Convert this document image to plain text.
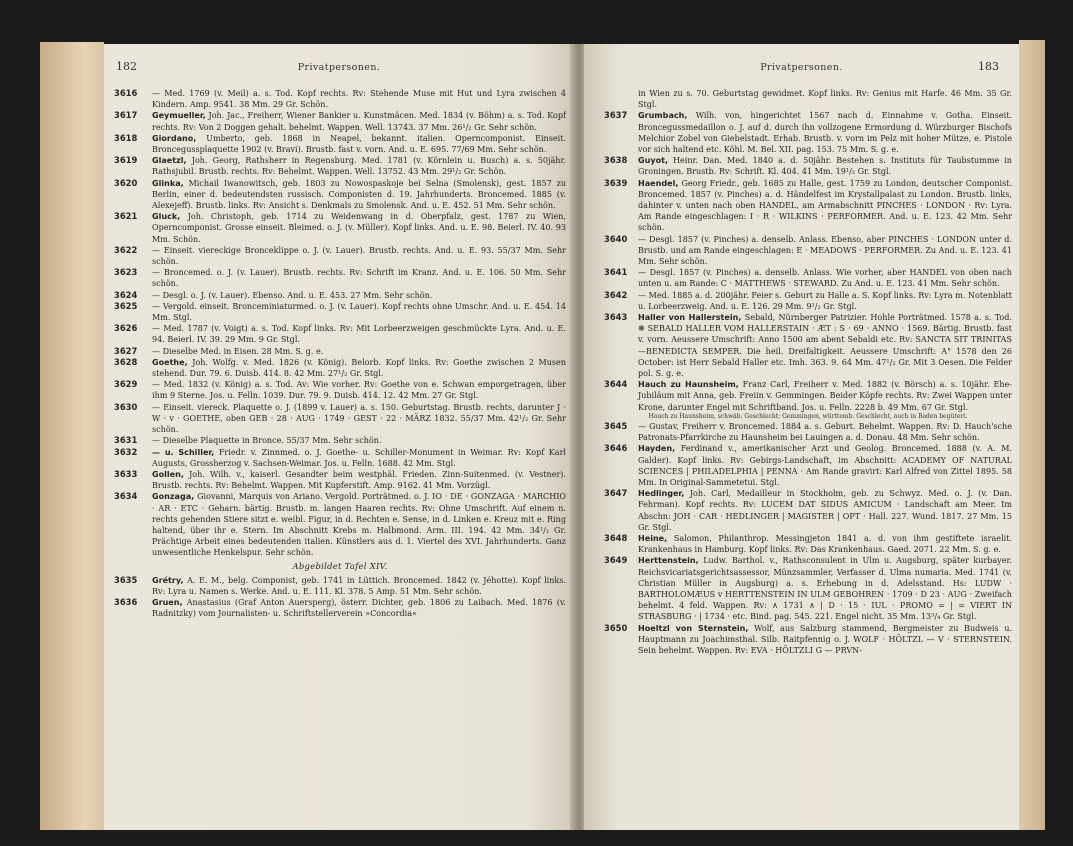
182	Privatpersonen.
3616 — Med. 1769 (v. Meil) a. s. Tod. Kopf rechts. Rv: Stehende Muse mit Hut und Lyra zwischen 4 Kindern. Amp. 9541. 38 Mm. 29 Gr. Schön.
3617 Geymueller, Joh. Jac., Freiherr, Wiener Bankier u. Kunstmäcen. Med. 1834 (v. Böhm) a. s. Tod. Kopf rechts. Rv: Von 2 Doggen gehalt. behelmt. Wappen. Well. 13743. 37 Mm. 26¹/₂ Gr. Sehr schön.
3618 Giordano, Umberto, geb. 1868 in Neapel, bekannt. italien. Operncomponist. Einseit. Broncegussplaquette 1902 (v. Bravi). Brustb. fast v. vorn. And. u. E. 695. 77/69 Mm. Sehr schön.
3619 Glaetzl, Joh. Georg, Rathsherr in Regensburg. Med. 1781 (v. Körnlein u. Busch) a. s. 50jähr. Rathsjubil. Brustb. rechts. Rv: Behelmt. Wappen. Well. 13752. 43 Mm. 29¹/₂ Gr. Schön.
3620 Glinka, Michail Iwanowitsch, geb. 1803 zu Nowospaskoje bei Selna (Smolensk), gest. 1857 zu Berlin, einer d. bedeutendsten russisch. Componisten d. 19. Jahrhunderts. Broncemed. 1885 (v. Alexejeff). Brustb. links. Rv: Ansicht s. Denkmals zu Smolensk. And. u. E. 452. 51 Mm. Sehr schön.
3621 Gluck, Joh. Christoph, geb. 1714 zu Weidenwang in d. Oberpfalz, gest. 1787 zu Wien, Operncomponist. Grosse einseit. Bleimed. o. J. (v. Müller). Kopf links. And. u. E. 98. Beierl. IV. 40. 93 Mm. Schön.
3622 — Einseit. viereckige Bronceklippe o. J. (v. Lauer). Brustb. rechts. And. u. E. 93. 55/37 Mm. Sehr schön.
3623 — Broncemed. o. J. (v. Lauer). Brustb. rechts. Rv: Schrift im Kranz. And. u. E. 106. 50 Mm. Sehr schön.
3624 — Desgl. o. J. (v. Lauer). Ebenso. And. u. E. 453. 27 Mm. Sehr schön.
3625 — Vergold. einseit. Bronceminiaturmed. o. J. (v. Lauer). Kopf rechts ohne Umschr. And. u. E. 454. 14 Mm. Stgl.
3626 — Med. 1787 (v. Voigt) a. s. Tod. Kopf links. Rv: Mit Lorbeerzweigen geschmückte Lyra. And. u. E. 94. Beierl. IV. 39. 29 Mm. 9 Gr. Stgl.
3627 — Dieselbe Med. in Eisen. 28 Mm. S. g. e.
3628 Goethe, Joh. Wolfg. v. Med. 1826 (v. König). Belorb. Kopf links. Rv: Goethe zwischen 2 Musen stehend. Dur. 79. 6. Duisb. 414. 8. 42 Mm. 27¹/₂ Gr. Stgl.
3629 — Med. 1832 (v. König) a. s. Tod. Av: Wie vorher. Rv: Goethe von e. Schwan emporgetragen, über ihm 9 Sterne. Jos. u. Felln. 1039. Dur. 79. 9. Duisb. 414. 12. 42 Mm. 27 Gr. Stgl.
3630 — Einseit. viereck. Plaquette o. J. (1899 v. Lauer) a. s. 150. Geburtstag. Brustb. rechts, darunter J · W · v · GOETHE, oben GEB · 28 · AUG · 1749 · GEST · 22 · MÄRZ 1832. 55/37 Mm. 42¹/₂ Gr. Sehr schön.
3631 — Dieselbe Plaquette in Bronce. 55/37 Mm. Sehr schön.
3632 — u. Schiller, Friedr. v. Zinnmed. o. J. Goethe- u. Schiller-Monument in Weimar. Rv: Kopf Karl Augusts, Grossherzog v. Sachsen-Weimar. Jos. u. Felln. 1688. 42 Mm. Stgl.
3633 Gollen, Joh. Wilh. v., kaiserl. Gesandter beim westphäl. Frieden. Zinn-Suitenmed. (v. Vestner). Brustb. rechts. Rv: Behelmt. Wappen. Mit Kupferstift. Amp. 9162. 41 Mm. Vorzügl.
3634 Gonzaga, Giovanni, Marquis von Ariano. Vergold. Porträtmed. o. J. IO · DE · GONZAGA · MARCHIO · AR · ETC · Geharn. bärtig. Brustb. m. langen Haaren rechts. Rv: Ohne Umschrift. Auf einem n. rechts gehenden Stiere sitzt e. weibl. Figur, in d. Rechten e. Sense, in d. Linken e. Kreuz mit e. Ring haltend, über ihr e. Stern. Im Abschnitt Krebs m. Halbmond. Arm. III. 194. 42 Mm. 34¹/₂ Gr. Prächtige Arbeit eines bedeutenden italien. Künstlers aus d. 1. Viertel des XVI. Jahrhunderts. Ganz unwesentliche Henkelspur. Sehr schön.
Abgebildet Tafel XIV.
3635 Grétry, A. E. M., belg. Componist, geb. 1741 in Lüttich. Broncemed. 1842 (v. Jéhotte). Kopf links. Rv: Lyra u. Namen s. Werke. And. u. E. 111. Kl. 378. 5 Amp. 51 Mm. Sehr schön.
3636 Gruen, Anastasius (Graf Anton Auersperg), österr. Dichter, geb. 1806 zu Laibach. Med. 1876 (v. Radnitzky) vom Journalisten- u. Schriftstellerverein »Concordia«
Privatpersonen.	183
in Wien zu s. 70. Geburtstag gewidmet. Kopf links. Rv: Genius mit Harfe. 46 Mm. 35 Gr. Stgl.
3637 Grumbach, Wilh. von, hingerichtet 1567 nach d. Einnahme v. Gotha. Einseit. Broncegussmedaillon o. J. auf d. durch ihn vollzogene Ermordung d. Würzburger Bischofs Melchior Zobel von Giebelstadt. Erhab. Brustb. v. vorn im Pelz mit hoher Mütze, e. Pistole vor sich haltend etc. Köhl. M. Bel. XII. pag. 153. 75 Mm. S. g. e.
3638 Guyot, Heinr. Dan. Med. 1840 a. d. 50jähr. Bestehen s. Instituts für Taubstumme in Groningen. Brustb. Rv: Schrift. Kl. 404. 41 Mm. 19¹/₂ Gr. Stgl.
3639 Haendel, Georg Friedr., geb. 1685 zu Halle, gest. 1759 zu London, deutscher Componist. Broncemed. 1857 (v. Pinches) a. d. Händelfest im Krystallpalast zu London. Brustb. links, dahinter v. unten nach oben HANDEL, am Armabschnitt PINCHES · LONDON · Rv: Lyra. Am Rande eingeschlagen: I · R · WILKINS · PERFORMER. And. u. E. 123. 42 Mm. Sehr schön.
3640 — Desgl. 1857 (v. Pinches) a. denselb. Anlass. Ebenso, aber PINCHES · LONDON unter d. Brustb. und am Rande eingeschlagen: E · MEADOWS · PERFORMER. Zu And. u. E. 123. 41 Mm. Sehr schön.
3641 — Desgl. 1857 (v. Pinches) a. denselb. Anlass. Wie vorher, aber HANDEL von oben nach unten u. am Rande: C · MATTHEWS · STEWARD. Zu And. u. E. 123. 41 Mm. Sehr schön.
3642 — Med. 1885 a. d. 200jähr. Feier s. Geburt zu Halle a. S. Kopf links. Rv: Lyra m. Notenblatt u. Lorbeerzweig. And. u. E. 126. 29 Mm. 9¹/₂ Gr. Stgl.
3643 Haller von Hallerstein, Sebald, Nürnberger Patrizier. Hohle Porträtmed. 1578 a. s. Tod. ❋ SEBALD HALLER VOM HALLERSTAIN · ÆT : S · 69 · ANNO · 1569. Bärtig. Brustb. fast v. vorn. Aeussere Umschrift: Anno 1500 am abent Sebaldi etc. Rv: SANCTA SIT TRINITAS—BENEDICTA SEMPER. Die heil. Dreifaltigkeit. Aeussere Umschrift: A° 1578 den 26 October: ist Herr Sebald Haller etc. Imh. 363. 9. 64 Mm. 47¹/₂ Gr. Mit 3 Oesen. Die Felder pol. S. g. e.
3644 Hauch zu Haunsheim, Franz Carl, Freiherr v. Med. 1882 (v. Börsch) a. s. 10jähr. Ehe-Jubiläum mit Anna, geb. Freiin v. Gemmingen. Beider Köpfe rechts. Rv: Zwei Wappen unter Krone, darunter Engel mit Schriftband. Jos. u. Felln. 2228 b. 49 Mm. 67 Gr. Stgl.
Hauch zu Haunsheim, schwäb. Geschlecht; Gemmingen, württemb. Geschlecht, auch in Baden begütert.
3645 — Gustav, Freiherr v. Broncemed. 1884 a. s. Geburt. Behelmt. Wappen. Rv: D. Hauch'sche Patronats-Pfarrkirche zu Haunsheim bei Lauingen a. d. Donau. 48 Mm. Sehr schön.
3646 Hayden, Ferdinand v., amerikanischer Arzt und Geolog. Broncemed. 1888 (v. A. M. Galder). Kopf links. Rv: Gebirgs-Landschaft, im Abschnitt: ACADEMY OF NATURAL SCIENCES | PHILADELPHIA | PENNA · Am Rande gravirt: Karl Alfred von Zittel 1895. 58 Mm. In Original-Sammetetui. Stgl.
3647 Hedlinger, Joh. Carl, Medailleur in Stockholm, geb. zu Schwyz. Med. o. J. (v. Dan. Fehrman). Kopf rechts. Rv: LUCEM DAT SIDUS AMICUM · Landschaft am Meer. Im Abschn: JOH · CAR · HEDLINGER | MAGISTER | OPT · Hall. 227. Wund. 1817. 27 Mm. 15 Gr. Stgl.
3648 Heine, Salomon, Philanthrop. Messingjeton 1841 a. d. von ihm gestiftete israelit. Krankenhaus in Hamburg. Kopf links. Rv: Das Krankenhaus. Gaed. 2071. 22 Mm. S. g. e.
3649 Herttenstein, Ludw. Barthol. v., Rathsconsulent in Ulm u. Augsburg, später kurbayer. Reichsvicariatsgerichtsassessor, Münzsammler, Verfasser d. Ulma numaria. Med. 1741 (v. Christian Müller in Augsburg) a. s. Erhebung in d. Adelsstand. Hs: LUDW · BARTHOLOMÆUS v HERTTENSTEIN IN ULM GEBOHREN · 1709 · D 23 · AUG · Zweifach behelmt. 4 feld. Wappen. Rv: ∧ 1731 ∧ | D · 15 · IUL · PROMO = | = VIERT IN STRASBURG · | 1734 · etc. Bind. pag. 545. 221. Engel nicht. 35 Mm. 13³/₄ Gr. Stgl.
3650 Hoeltzl von Sternstein, Wolf, aus Salzburg stammend, Bergmeister zu Budweis u. Hauptmann zu Joachimsthal. Silb. Raitpfennig o. J. WOLF · HÖLTZL — V · STERNSTEIN. Sein behelmt. Wappen. Rv: EVA · HÖLTZLI G — PRVN-
